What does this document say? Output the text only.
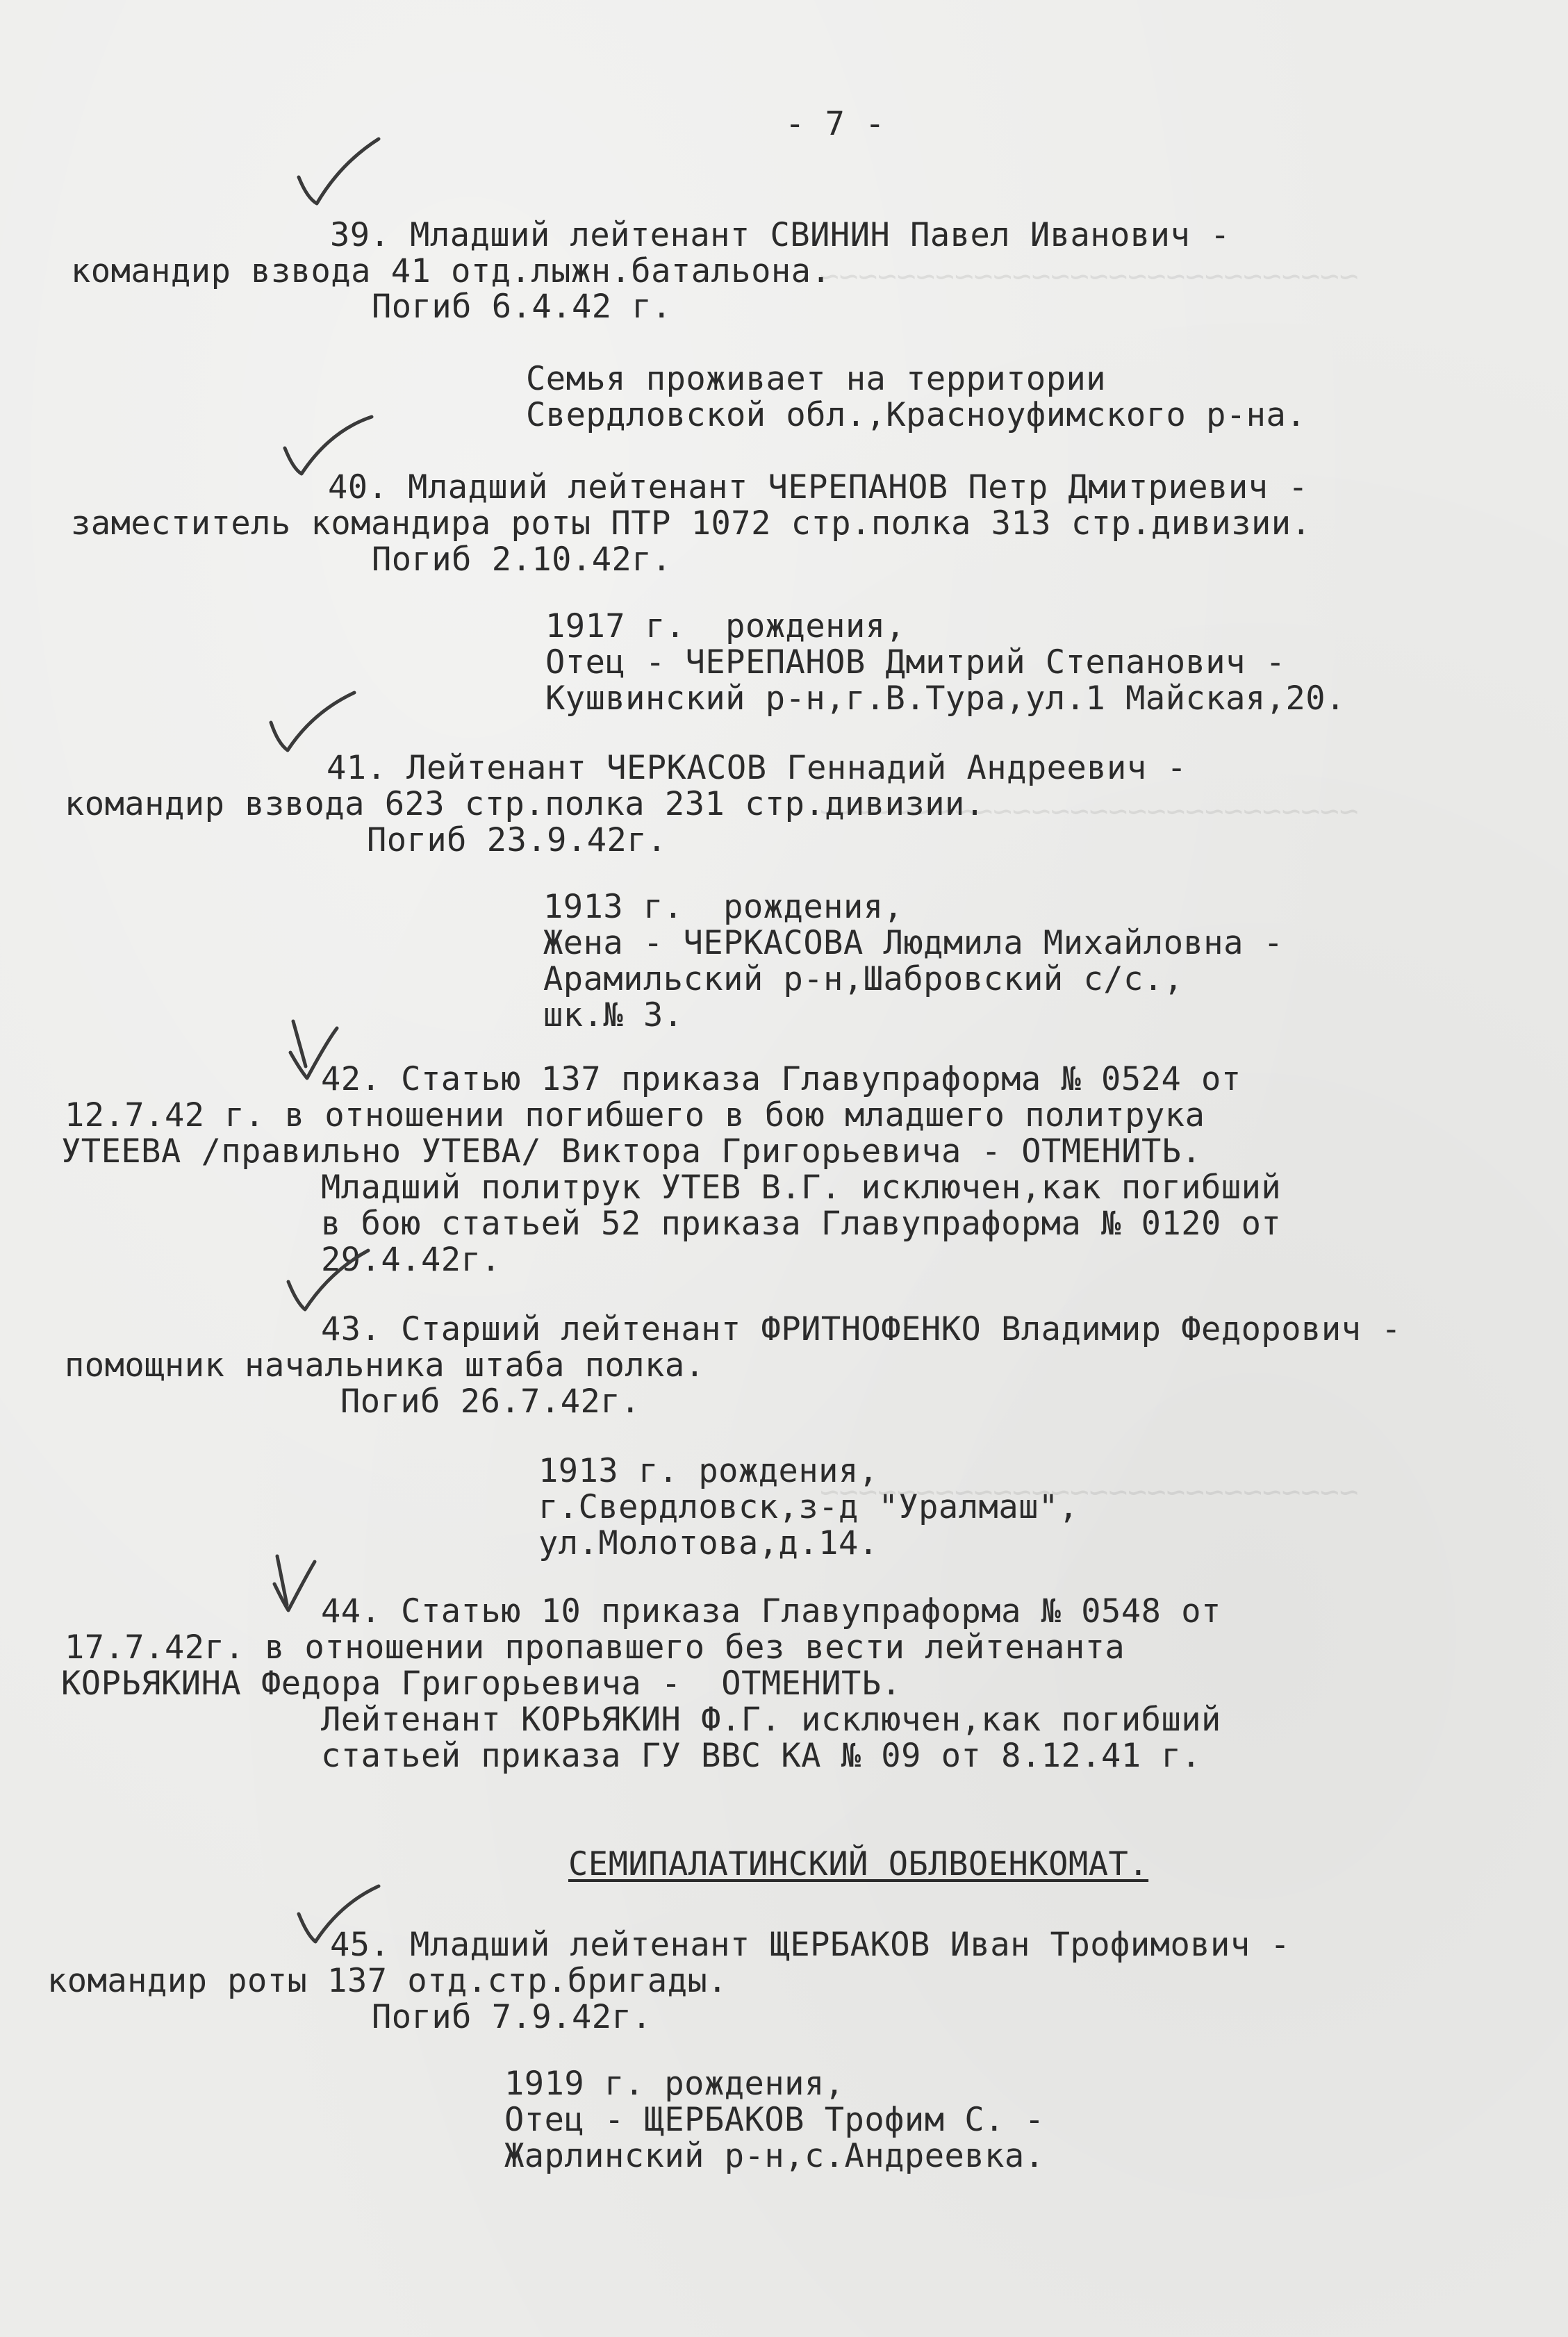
~~~~~~~~~~~~~~~~~~~~~~~~~~~~
~~~~~~~~~~~~~~~~~~~~~~~~~~~~
~~~~~~~~~~~~~~~~~~~~~~~~~~~~
- 7 -
39. Младший лейтенант СВИНИН Павел Иванович -
командир взвода 41 отд.лыжн.батальона.
Погиб 6.4.42 г.
Семья проживает на территории
Свердловской обл.,Красноуфимского р-на.
40. Младший лейтенант ЧЕРЕПАНОВ Петр Дмитриевич -
заместитель командира роты ПТР 1072 стр.полка 313 стр.дивизии.
Погиб 2.10.42г.
1917 г.  рождения,
Отец - ЧЕРЕПАНОВ Дмитрий Степанович -
Кушвинский р-н,г.В.Тура,ул.1 Майская,20.
41. Лейтенант ЧЕРКАСОВ Геннадий Андреевич -
командир взвода 623 стр.полка 231 стр.дивизии.
Погиб 23.9.42г.
1913 г.  рождения,
Жена - ЧЕРКАСОВА Людмила Михайловна -
Арамильский р-н,Шабровский с/с.,
шк.№ 3.
42. Статью 137 приказа Главупраформа № 0524 от
12.7.42 г. в отношении погибшего в бою младшего политрука
УТЕЕВА /правильно УТЕВА/ Виктора Григорьевича - ОТМЕНИТЬ.
Младший политрук УТЕВ В.Г. исключен,как погибший
в бою статьей 52 приказа Главупраформа № 0120 от
29.4.42г.
43. Старший лейтенант ФРИТНОФЕНКО Владимир Федорович -
помощник начальника штаба полка.
Погиб 26.7.42г.
1913 г. рождения,
г.Свердловск,з-д "Уралмаш",
ул.Молотова,д.14.
44. Статью 10 приказа Главупраформа № 0548 от
17.7.42г. в отношении пропавшего без вести лейтенанта
КОРЬЯКИНА Федора Григорьевича -  ОТМЕНИТЬ.
Лейтенант КОРЬЯКИН Ф.Г. исключен,как погибший
статьей приказа ГУ ВВС КА № 09 от 8.12.41 г.
СЕМИПАЛАТИНСКИЙ ОБЛВОЕНКОМАТ.
45. Младший лейтенант ЩЕРБАКОВ Иван Трофимович -
командир роты 137 отд.стр.бригады.
Погиб 7.9.42г.
1919 г. рождения,
Отец - ЩЕРБАКОВ Трофим С. -
Жарлинский р-н,с.Андреевка.
